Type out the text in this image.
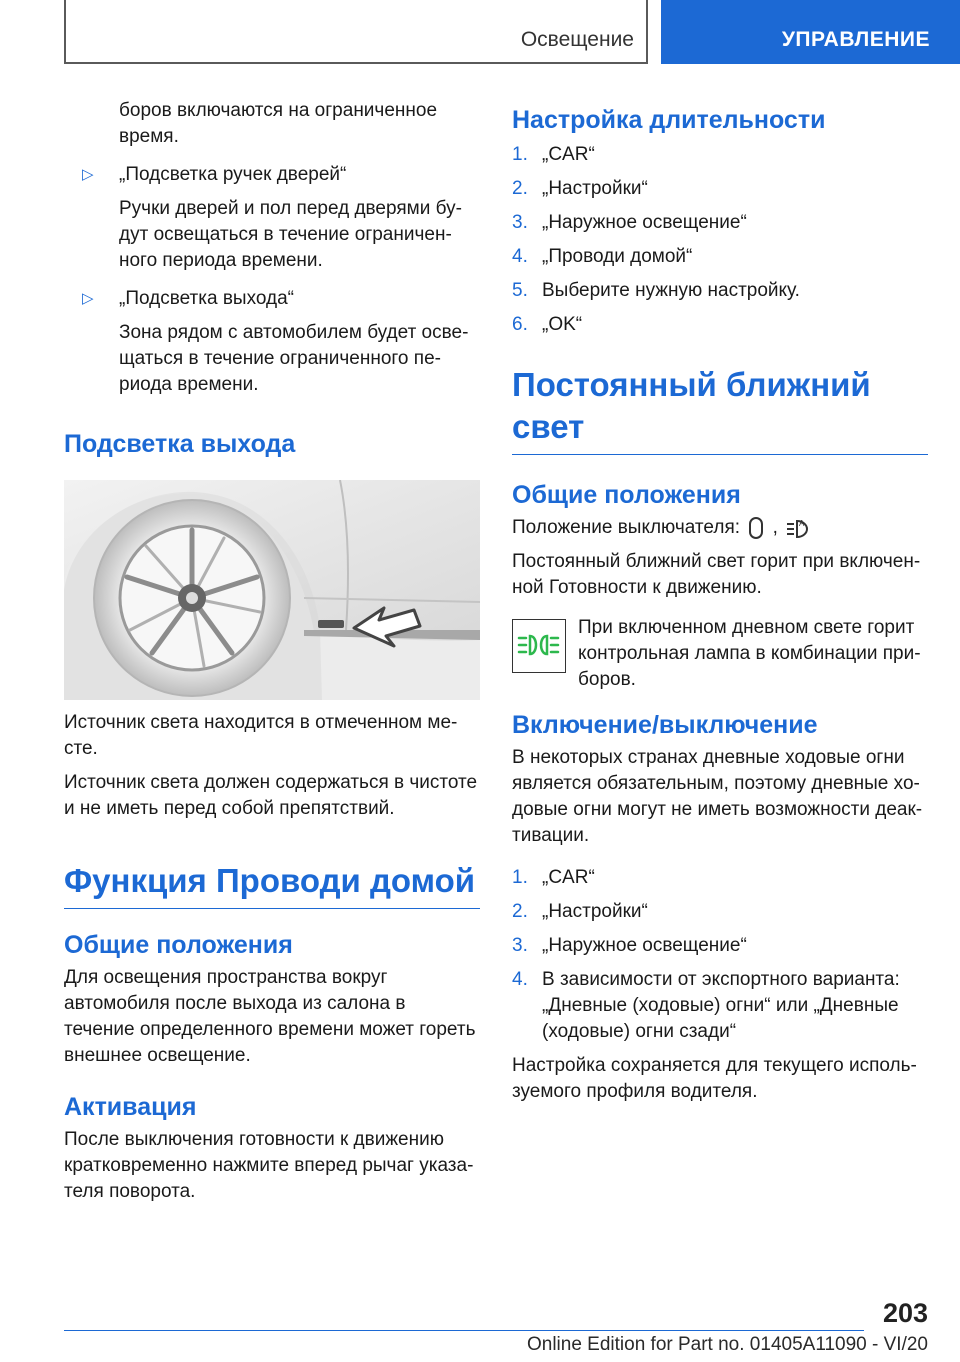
Освещение	УПРАВЛЕНИЕ

боров включаются на ограниченное время.

▷ „Подсветка ручек дверей“

Ручки дверей и пол перед дверями будут освещаться в течение ограниченного периода времени.

▷ „Подсветка выхода“

Зона рядом с автомобилем будет освещаться в течение ограниченного периода времени.

Подсветка выхода

Источник света находится в отмеченном месте.

Источник света должен содержаться в чистоте и не иметь перед собой препятствий.

Функция Проводи домой
Общие положения

Для освещения пространства вокруг автомобиля после выхода из салона в течение определенного времени может гореть внешнее освещение.

Активация

После выключения готовности к движению кратковременно нажмите вперед рычаг указателя поворота.

Настройка длительности
1. „CAR“

2. „Настройки“

3. „Наружное освещение“

4. „Проводи домой“

5. Выберите нужную настройку.

6. „OK“

Постоянный ближний свет
Общие положения

Положение выключателя: ,	A

Постоянный ближний свет горит при включенной Готовности к движению.

При включенном дневном свете горит контрольная лампа в комбинации приборов.

Включение/выключение

В некоторых странах дневные ходовые огни является обязательным, поэтому дневные ходовые огни могут не иметь возможности деактивации.

1. „CAR“

2. „Настройки“

3. „Наружное освещение“

4. В зависимости от экспортного варианта: „Дневные (ходовые) огни“ или „Дневные (ходовые) огни сзади“

Настройка сохраняется для текущего используемого профиля водителя.

203
Online Edition for Part no. 01405A11090 - VI/20
